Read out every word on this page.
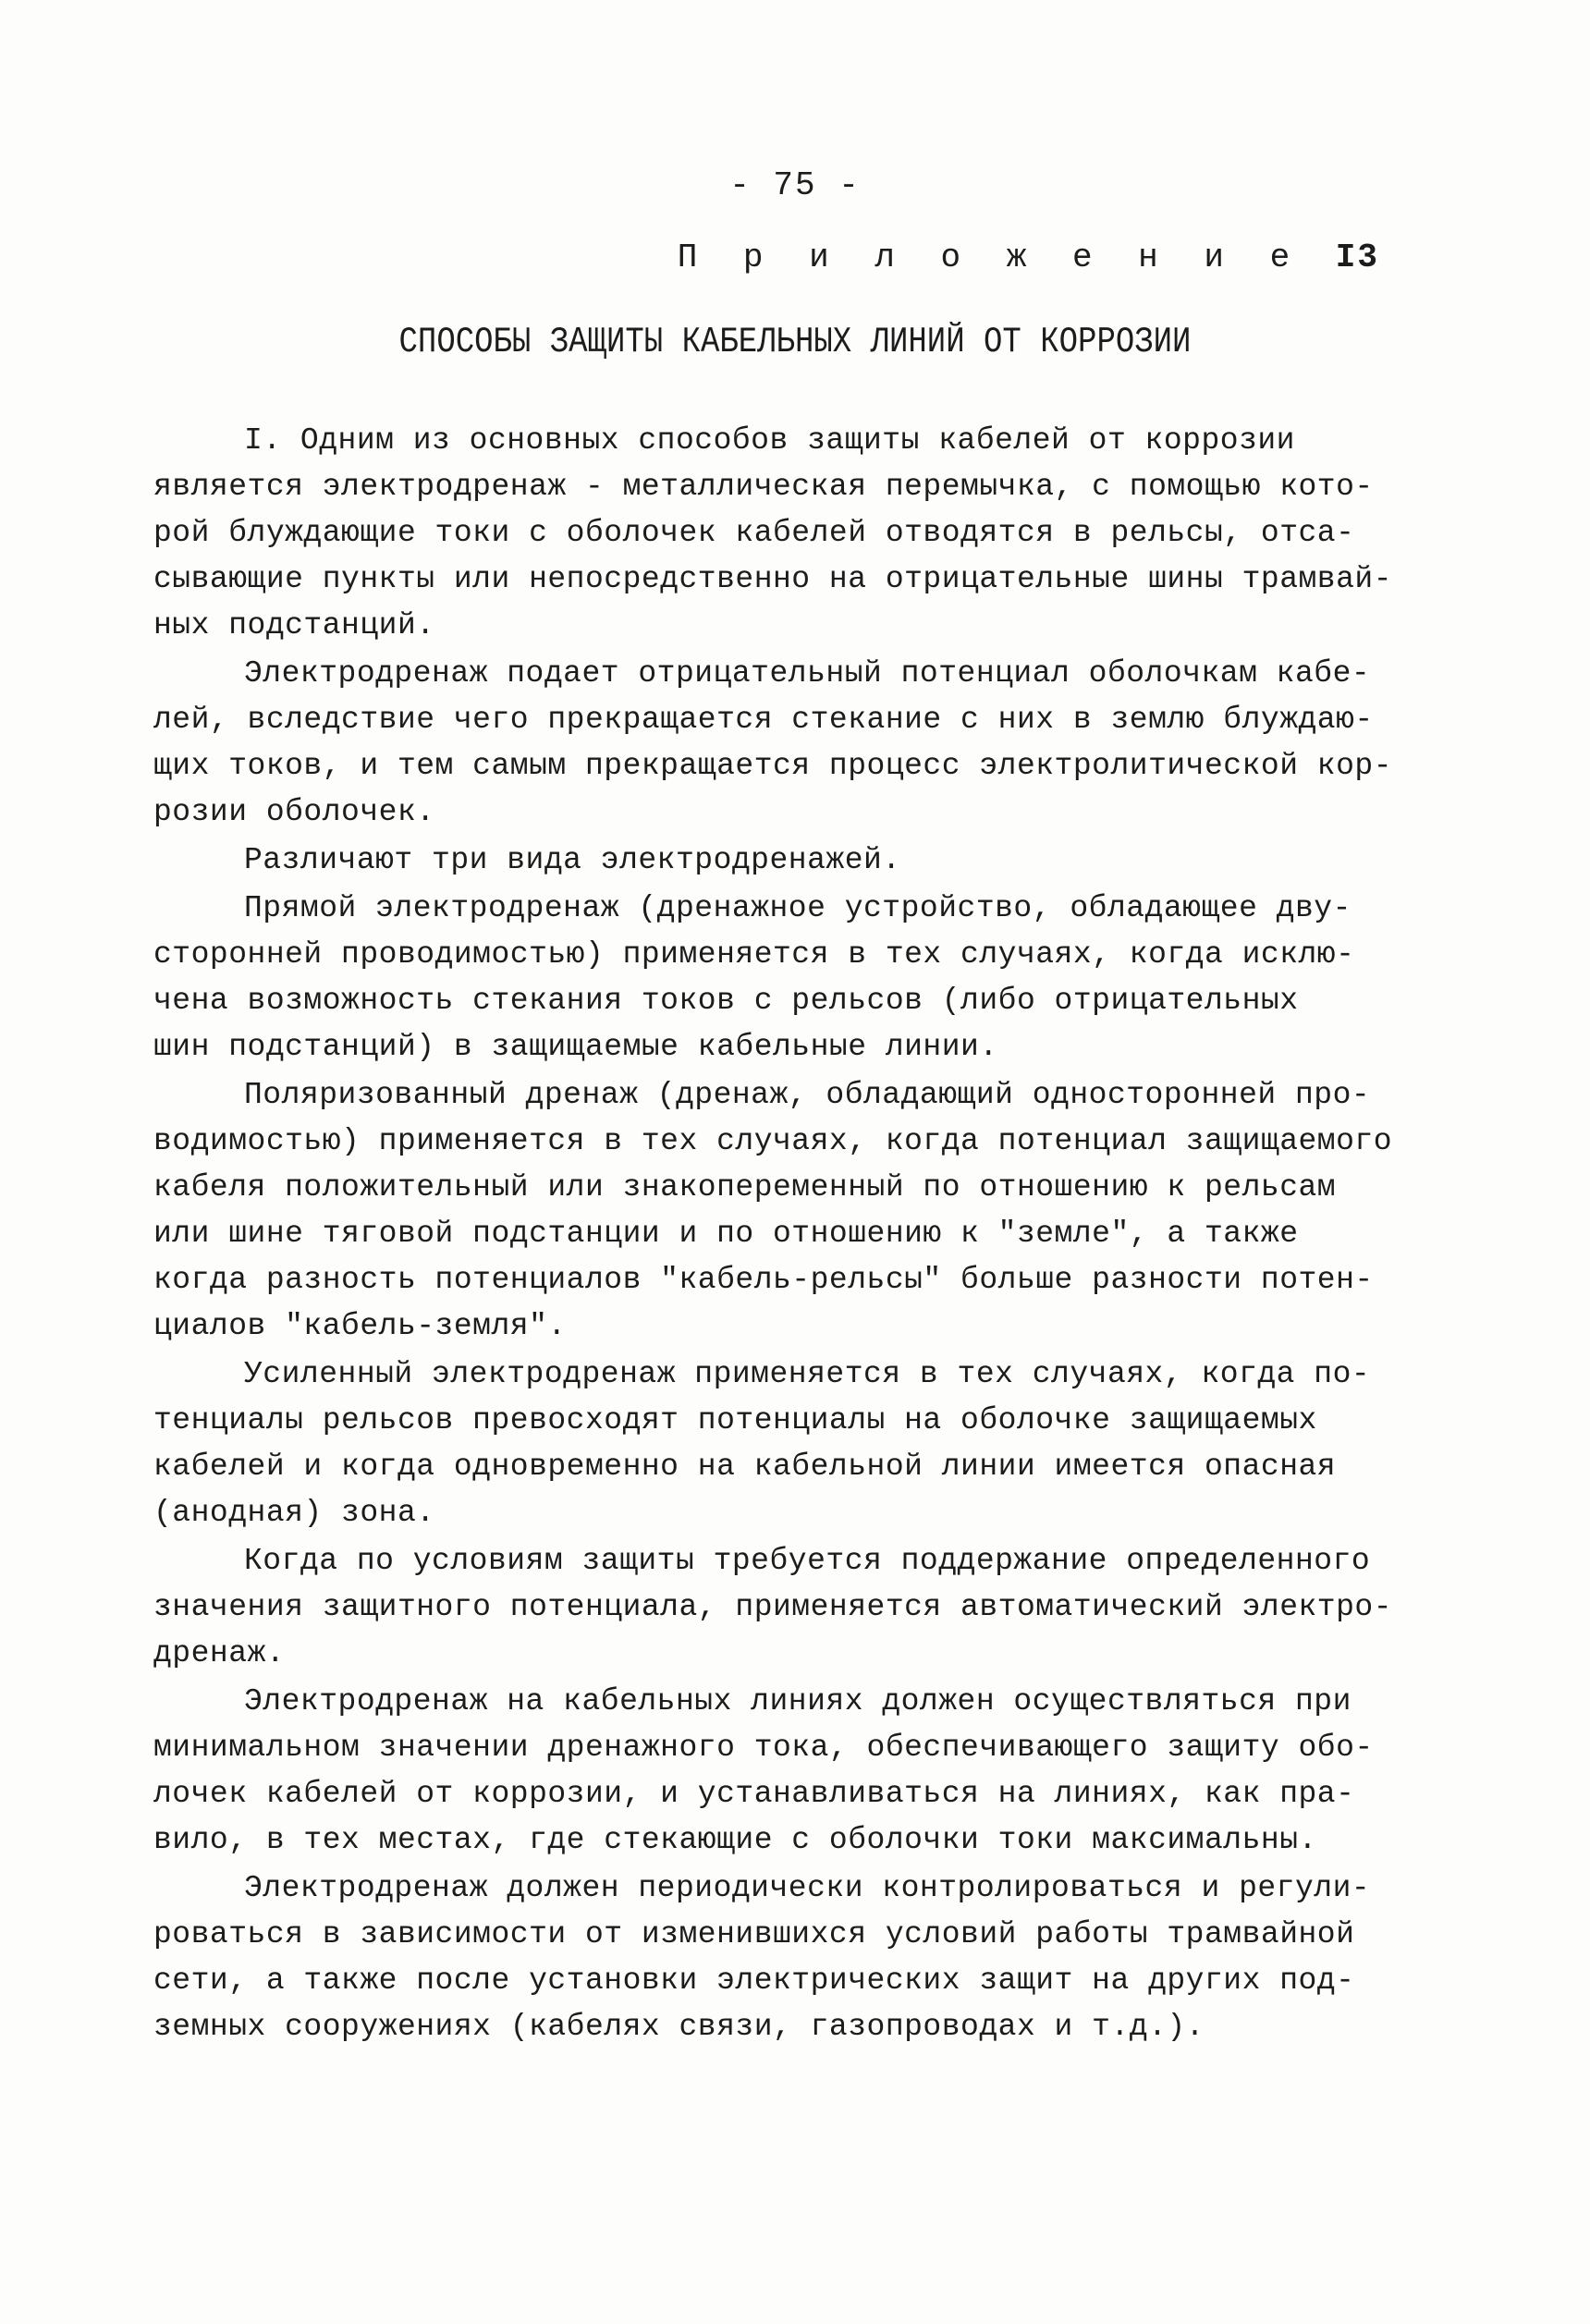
- 75 -
П р и л о ж е н и е I3
СПОСОБЫ ЗАЩИТЫ КАБЕЛЬНЫХ ЛИНИЙ ОТ КОРРОЗИИ
I. Одним из основных способов защиты кабелей от коррозии
является электродренаж - металлическая перемычка, с помощью кото-
рой блуждающие токи с оболочек кабелей отводятся в рельсы, отса-
сывающие пункты или непосредственно на отрицательные шины трамвай-
ных подстанций.
Электродренаж подает отрицательный потенциал оболочкам кабе-
лей, вследствие чего прекращается стекание с них в землю блуждаю-
щих токов, и тем самым прекращается процесс электролитической кор-
розии оболочек.
Различают три вида электродренажей.
Прямой электродренаж (дренажное устройство, обладающее дву-
сторонней проводимостью) применяется в тех случаях, когда исклю-
чена возможность стекания токов с рельсов (либо отрицательных
шин подстанций) в защищаемые кабельные линии.
Поляризованный дренаж (дренаж, обладающий односторонней про-
водимостью) применяется в тех случаях, когда потенциал защищаемого
кабеля положительный или знакопеременный по отношению к рельсам
или шине тяговой подстанции и по отношению к "земле", а также
когда разность потенциалов "кабель-рельсы" больше разности потен-
циалов "кабель-земля".
Усиленный электродренаж применяется в тех случаях, когда по-
тенциалы рельсов превосходят потенциалы на оболочке защищаемых
кабелей и когда одновременно на кабельной линии имеется опасная
(анодная) зона.
Когда по условиям защиты требуется поддержание определенного
значения защитного потенциала, применяется автоматический электро-
дренаж.
Электродренаж на кабельных линиях должен осуществляться при
минимальном значении дренажного тока, обеспечивающего защиту обо-
лочек кабелей от коррозии, и устанавливаться на линиях, как пра-
вило, в тех местах, где стекающие с оболочки токи максимальны.
Электродренаж должен периодически контролироваться и регули-
роваться в зависимости от изменившихся условий работы трамвайной
сети, а также после установки электрических защит на других под-
земных сооружениях (кабелях связи, газопроводах и т.д.).
